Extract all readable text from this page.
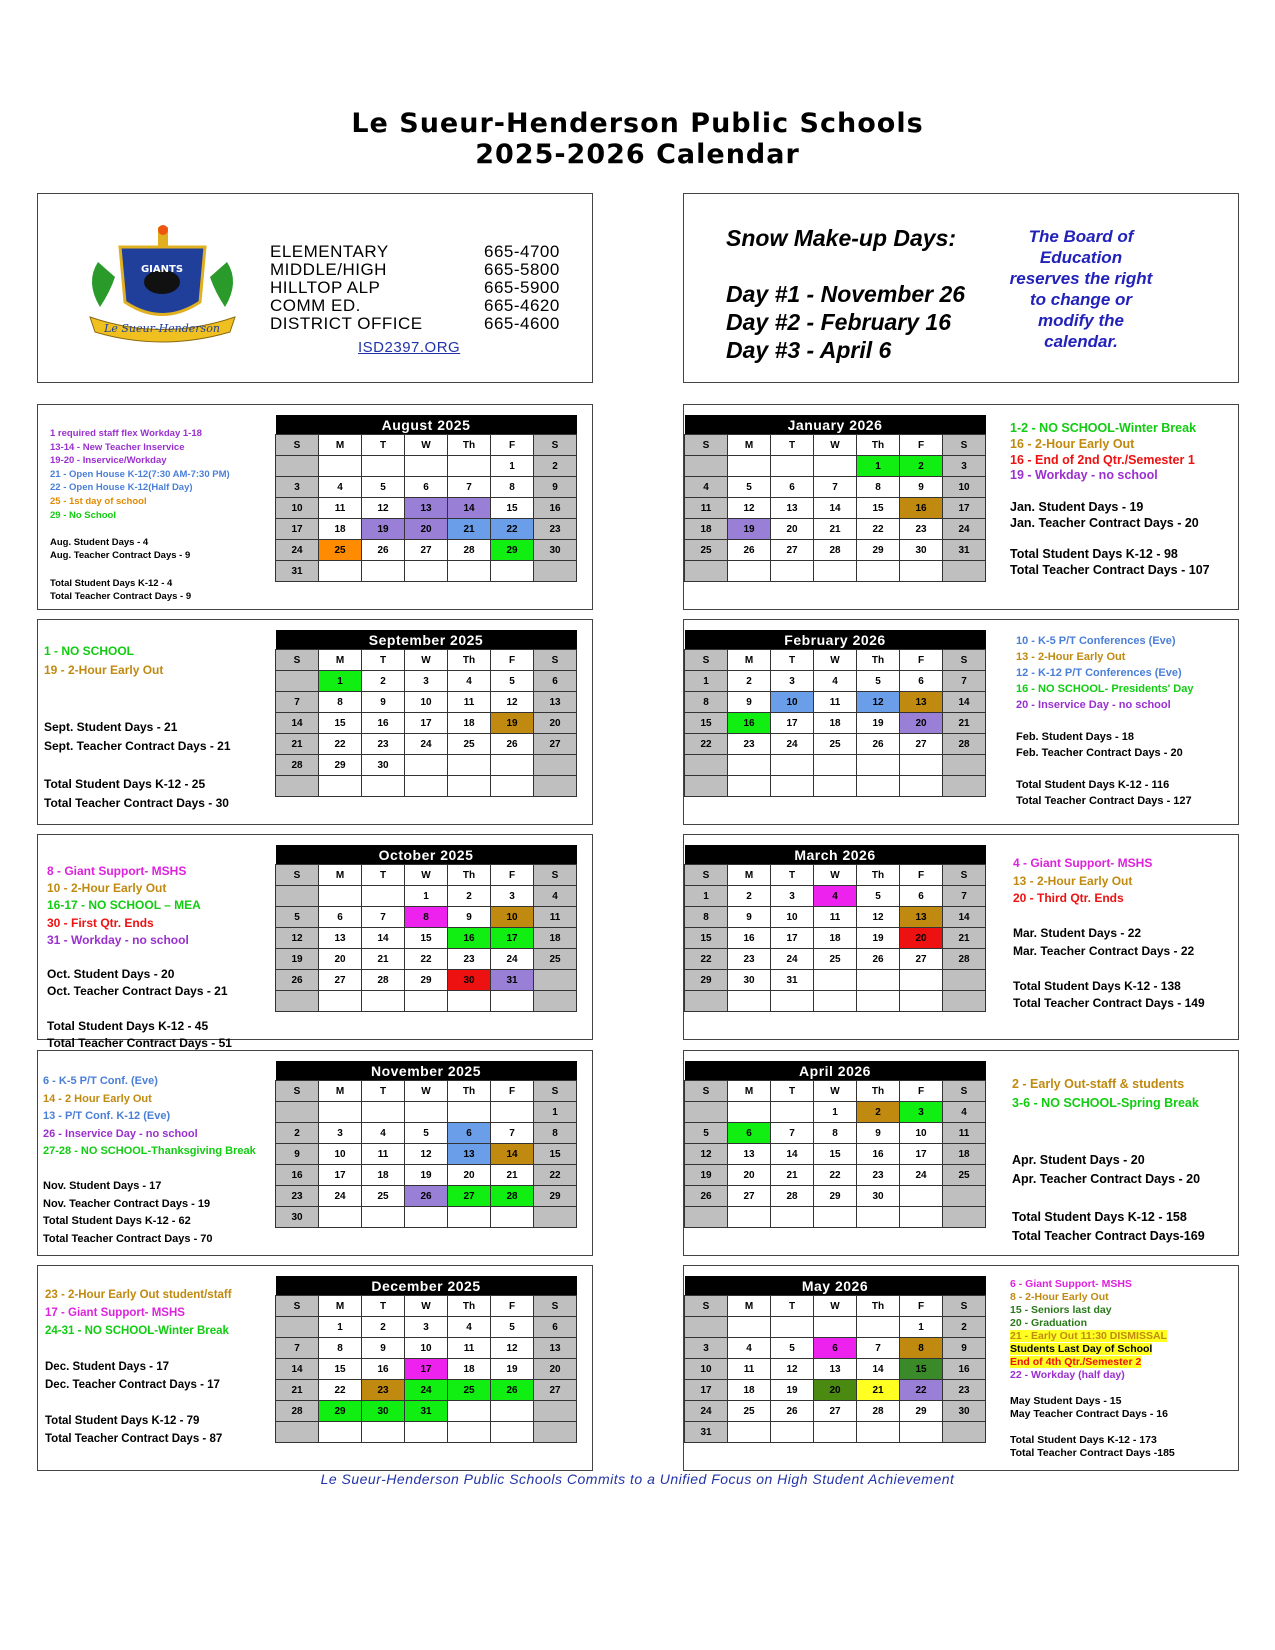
Le Sueur-Henderson Public Schools
2025-2026 Calendar
GIANTS
Le Sueur-Henderson
ELEMENTARY	665-4700
MIDDLE/HIGH	665-5800
HILLTOP ALP	665-5900
COMM ED.	665-4620
DISTRICT OFFICE	665-4600
ISD2397.ORG
Snow Make-up Days:
Day #1 - November 26
Day #2 - February 16
Day #3 - April 6
The Board of Education reserves the right to change or modify the calendar.
1 required staff flex Workday 1-18
13-14 - New Teacher Inservice
19-20 - Inservice/Workday
21 - Open House K-12(7:30 AM-7:30 PM)
22 - Open House K-12(Half Day)
25 - 1st day of school
29 - No School
Aug. Student Days - 4
Aug. Teacher Contract Days - 9
Total Student Days K-12 - 4
Total Teacher Contract Days - 9
August 2025						
S	M	T	W	Th	F	S
					1	2
3	4	5	6	7	8	9
10	11	12	13	14	15	16
17	18	19	20	21	22	23
24	25	26	27	28	29	30
31						
1 - NO SCHOOL
19 - 2-Hour Early Out
Sept. Student Days - 21
Sept. Teacher Contract Days - 21
Total Student Days K-12 - 25
Total Teacher Contract Days - 30
September 2025						
S	M	T	W	Th	F	S
	1	2	3	4	5	6
7	8	9	10	11	12	13
14	15	16	17	18	19	20
21	22	23	24	25	26	27
28	29	30				

8 - Giant Support- MSHS
10 - 2-Hour Early Out
16-17 - NO SCHOOL – MEA
30 - First Qtr. Ends
31 - Workday - no school
Oct. Student Days - 20
Oct. Teacher Contract Days - 21
Total Student Days K-12 - 45
Total Teacher Contract Days - 51
October 2025						
S	M	T	W	Th	F	S
			1	2	3	4
5	6	7	8	9	10	11
12	13	14	15	16	17	18
19	20	21	22	23	24	25
26	27	28	29	30	31	

6 - K-5 P/T Conf. (Eve)
14 - 2 Hour Early Out
13 - P/T Conf. K-12 (Eve)
26 - Inservice Day - no school
27-28 - NO SCHOOL-Thanksgiving Break
Nov. Student Days - 17
Nov. Teacher Contract Days - 19
Total Student Days K-12 - 62
Total Teacher Contract Days - 70
November 2025						
S	M	T	W	Th	F	S
						1
2	3	4	5	6	7	8
9	10	11	12	13	14	15
16	17	18	19	20	21	22
23	24	25	26	27	28	29
30						
23 - 2-Hour Early Out student/staff
17 - Giant Support- MSHS
24-31 - NO SCHOOL-Winter Break
Dec. Student Days - 17
Dec. Teacher Contract Days - 17
Total Student Days K-12 - 79
Total Teacher Contract Days - 87
December 2025						
S	M	T	W	Th	F	S
	1	2	3	4	5	6
7	8	9	10	11	12	13
14	15	16	17	18	19	20
21	22	23	24	25	26	27
28	29	30	31			

1-2 - NO SCHOOL-Winter Break
16 - 2-Hour Early Out
16 - End of 2nd Qtr./Semester 1
19 - Workday - no school
Jan. Student Days - 19
Jan. Teacher Contract Days - 20
Total Student Days K-12 - 98
Total Teacher Contract Days - 107
January 2026						
S	M	T	W	Th	F	S
				1	2	3
4	5	6	7	8	9	10
11	12	13	14	15	16	17
18	19	20	21	22	23	24
25	26	27	28	29	30	31

10 - K-5 P/T Conferences (Eve)
13 - 2-Hour Early Out
12 - K-12 P/T Conferences (Eve)
16 - NO SCHOOL- Presidents' Day
20 - Inservice Day - no school
Feb. Student Days - 18
Feb. Teacher Contract Days - 20
Total Student Days K-12 - 116
Total Teacher Contract Days - 127
February 2026						
S	M	T	W	Th	F	S
1	2	3	4	5	6	7
8	9	10	11	12	13	14
15	16	17	18	19	20	21
22	23	24	25	26	27	28

4 - Giant Support- MSHS
13 - 2-Hour Early Out
20 - Third Qtr. Ends
Mar. Student Days - 22
Mar. Teacher Contract Days - 22
Total Student Days K-12 - 138
Total Teacher Contract Days - 149
March 2026						
S	M	T	W	Th	F	S
1	2	3	4	5	6	7
8	9	10	11	12	13	14
15	16	17	18	19	20	21
22	23	24	25	26	27	28
29	30	31				

2 - Early Out-staff & students
3-6 - NO SCHOOL-Spring Break
Apr. Student Days - 20
Apr. Teacher Contract Days - 20
Total Student Days K-12 - 158
Total Teacher Contract Days-169
April 2026						
S	M	T	W	Th	F	S
			1	2	3	4
5	6	7	8	9	10	11
12	13	14	15	16	17	18
19	20	21	22	23	24	25
26	27	28	29	30		

6 - Giant Support- MSHS
8 - 2-Hour Early Out
15 - Seniors last day
20 - Graduation
21 - Early Out 11:30 DISMISSAL
Students Last Day of School
End of 4th Qtr./Semester 2
22 - Workday (half day)
May Student Days - 15
May Teacher Contract Days - 16
Total Student Days K-12 - 173
Total Teacher Contract Days -185
May 2026						
S	M	T	W	Th	F	S
					1	2
3	4	5	6	7	8	9
10	11	12	13	14	15	16
17	18	19	20	21	22	23
24	25	26	27	28	29	30
31						
Le Sueur-Henderson Public Schools Commits to a Unified Focus on High Student Achievement
